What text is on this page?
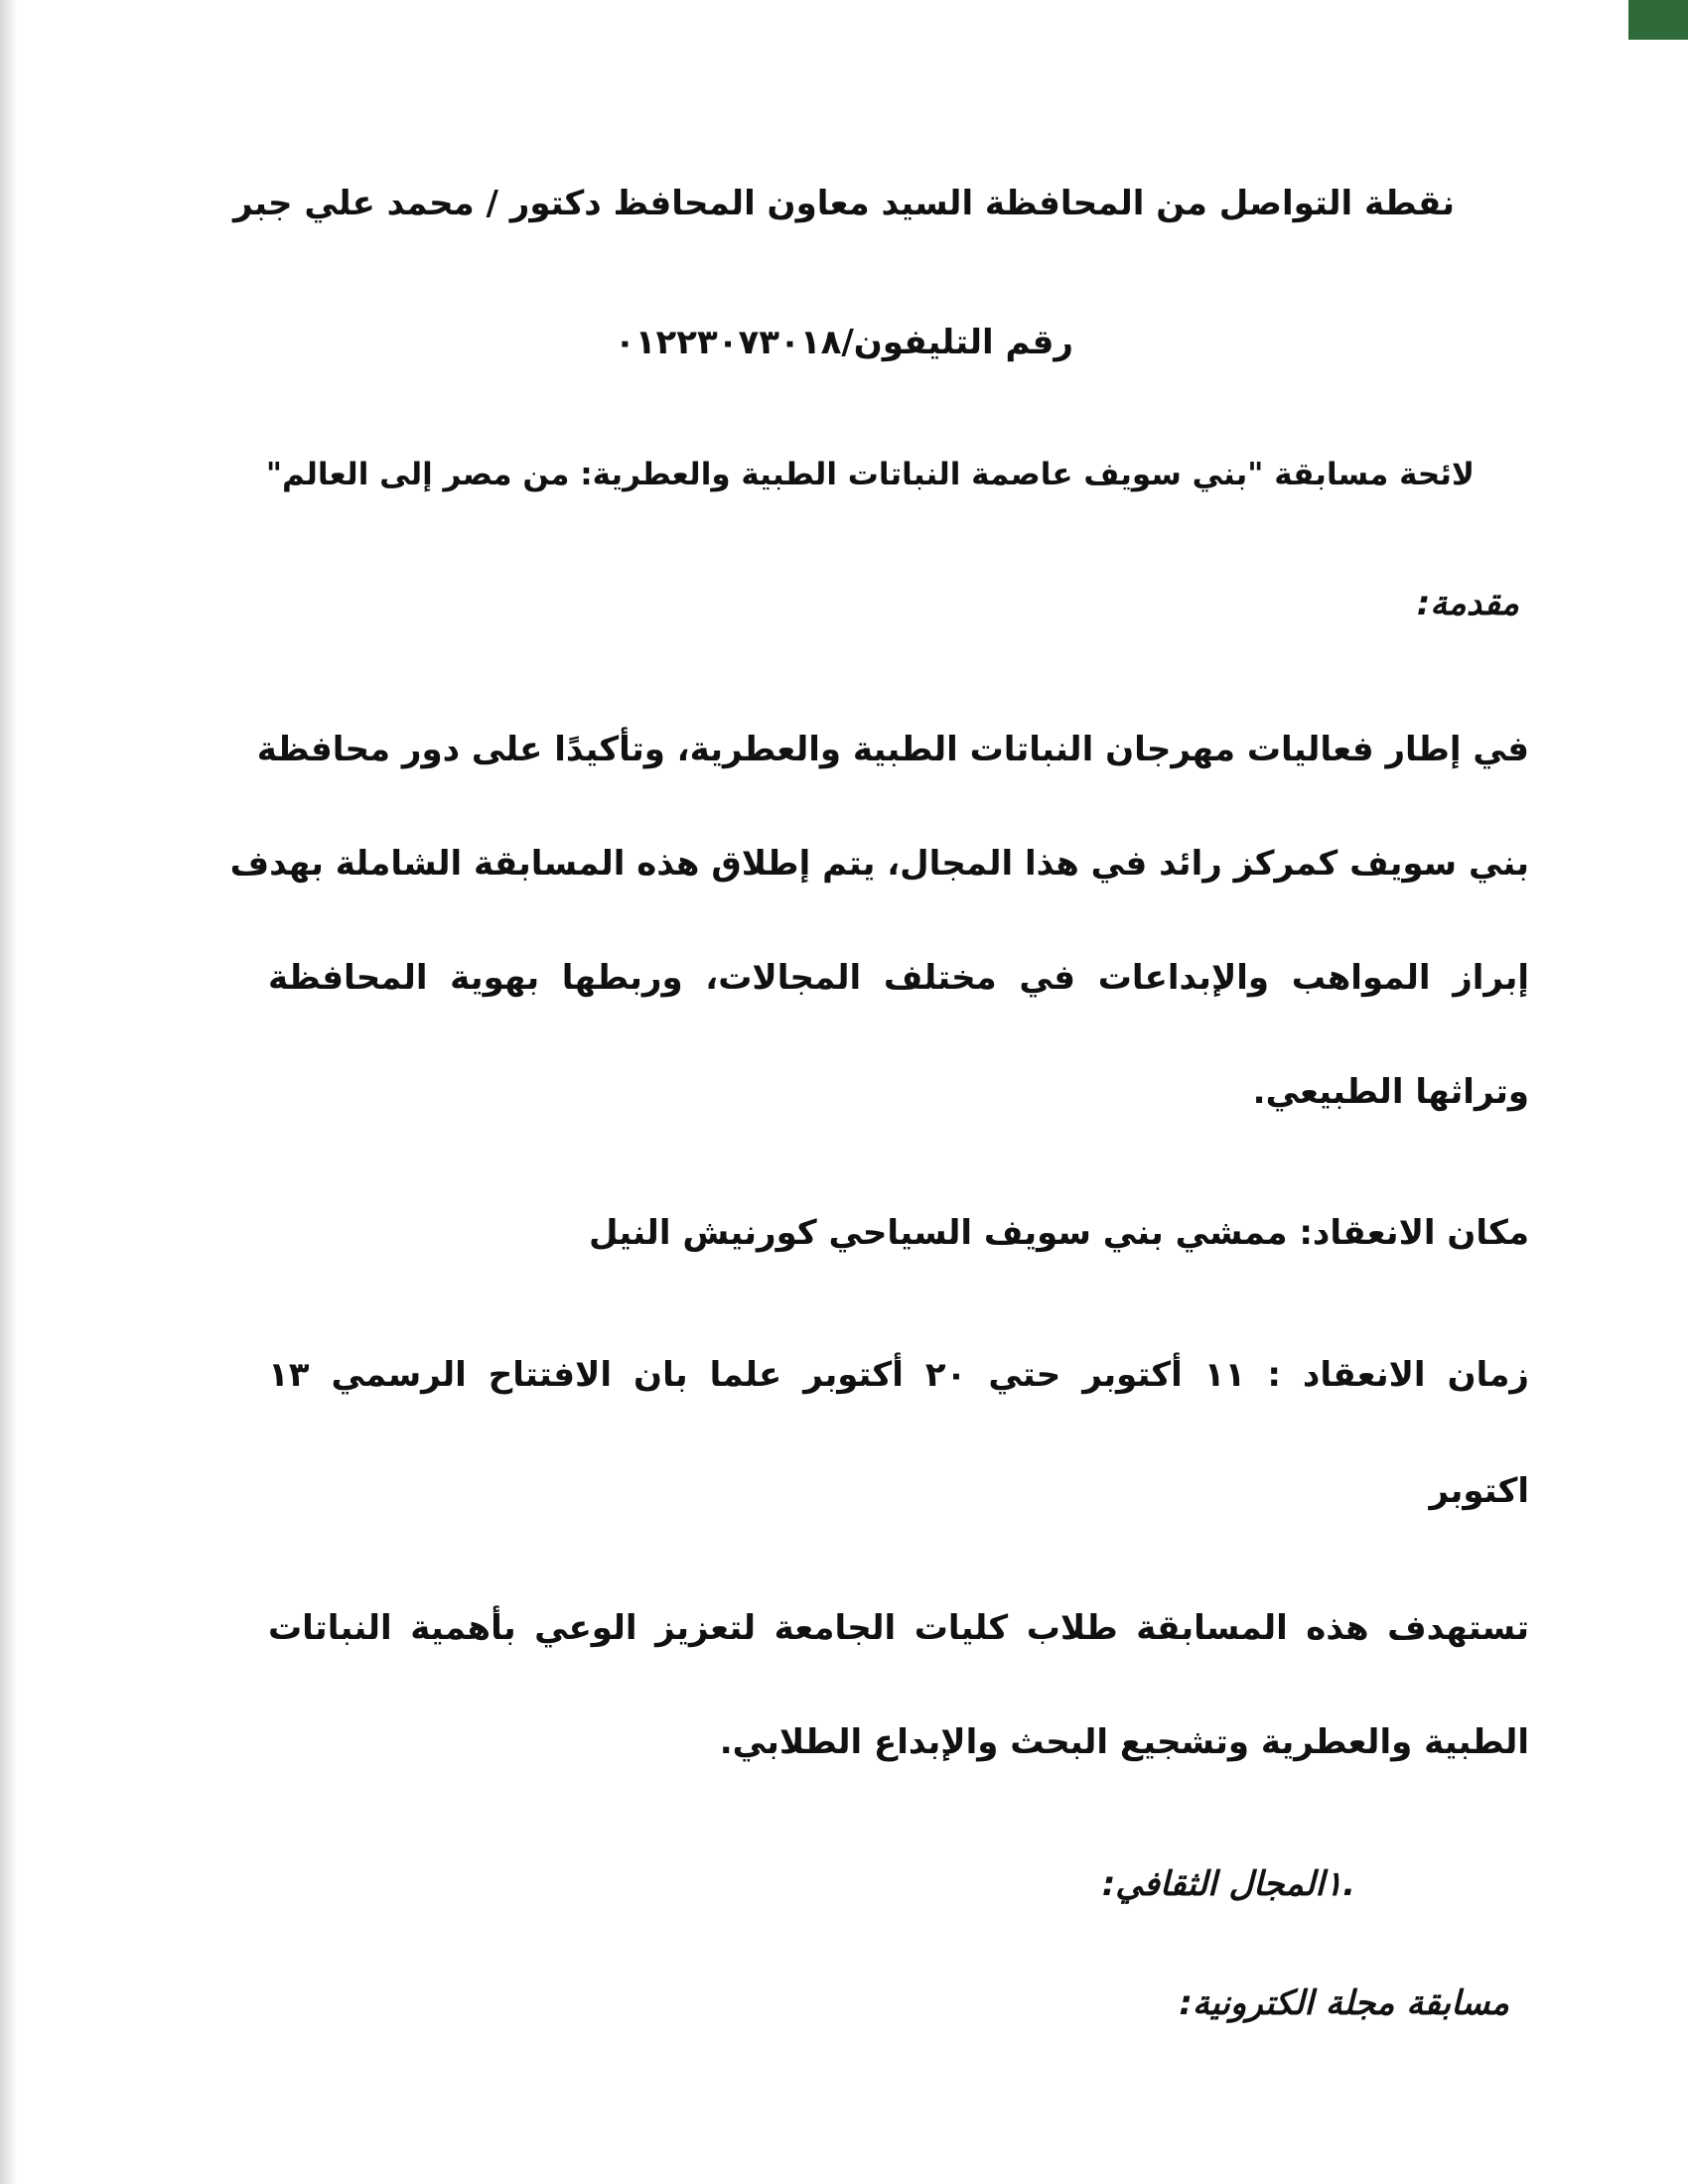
نقطة التواصل من المحافظة السيد معاون المحافظ دكتور / محمد علي جبر
رقم التليفون/٠١٢٢٣٠٧٣٠١٨
لائحة مسابقة "بني سويف عاصمة النباتات الطبية والعطرية: من مصر إلى العالم"
مقدمة:
في إطار فعاليات مهرجان النباتات الطبية والعطرية، وتأكيدًا على دور محافظة
بني سويف كمركز رائد في هذا المجال، يتم إطلاق هذه المسابقة الشاملة بهدف
إبراز المواهب والإبداعات في مختلف المجالات، وربطها بهوية المحافظة
وتراثها الطبيعي.
مكان الانعقاد: ممشي بني سويف السياحي كورنيش النيل
زمان الانعقاد : ١١ أكتوبر حتي ٢٠ أكتوبر علما بان الافتتاح الرسمي ١٣
اكتوبر
تستهدف هذه المسابقة طلاب كليات الجامعة لتعزيز الوعي بأهمية النباتات
الطبية والعطرية وتشجيع البحث والإبداع الطلابي.
.١المجال الثقافي:
مسابقة مجلة الكترونية:
